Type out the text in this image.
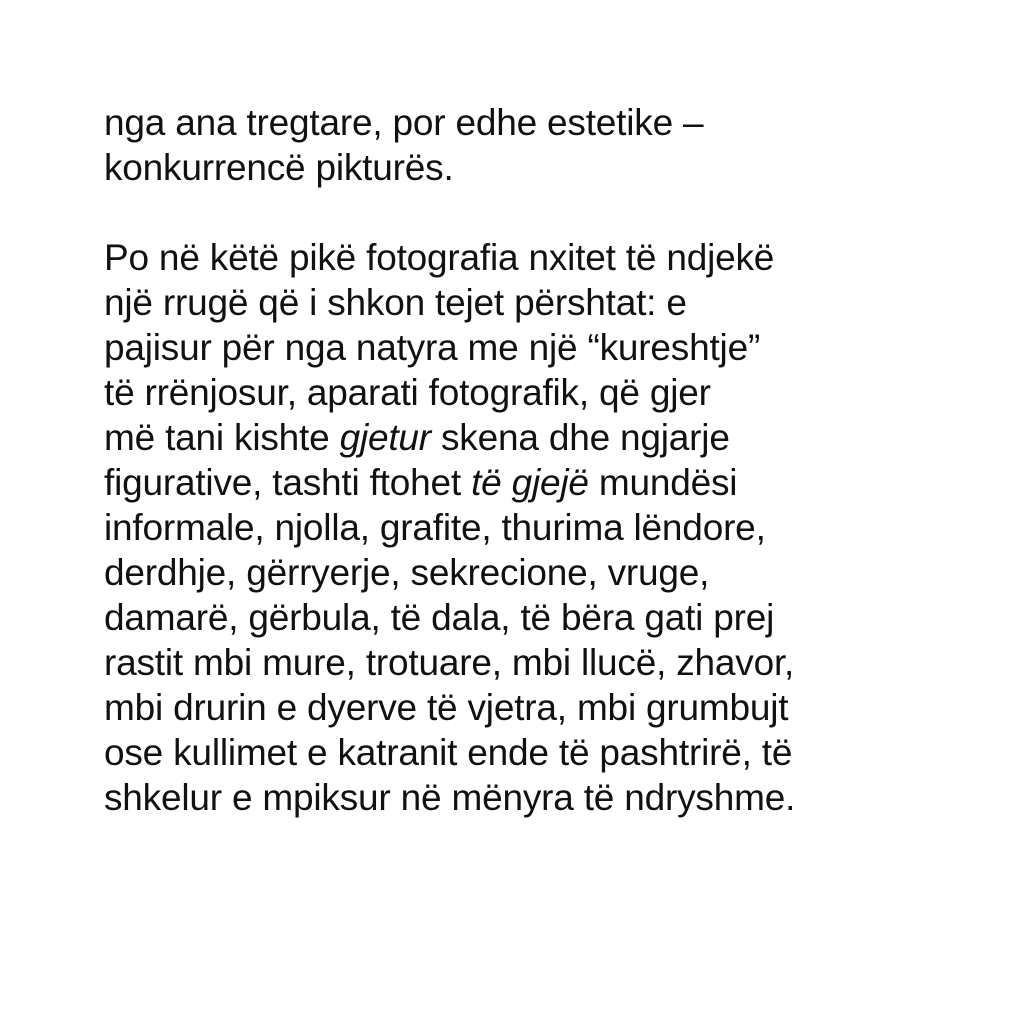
nga ana tregtare, por edhe estetike –
konkurrencë pikturës.
Po në këtë pikë fotografia nxitet të ndjekë
një rrugë që i shkon tejet përshtat: e
pajisur për nga natyra me një “kureshtje”
të rrënjosur, aparati fotografik, që gjer
më tani kishte gjetur skena dhe ngjarje
figurative, tashti ftohet të gjejë mundësi
informale, njolla, grafite, thurima lëndore,
derdhje, gërryerje, sekrecione, vruge,
damarë, gërbula, të dala, të bëra gati prej
rastit mbi mure, trotuare, mbi llucë, zhavor,
mbi drurin e dyerve të vjetra, mbi grumbujt
ose kullimet e katranit ende të pashtrirë, të
shkelur e mpiksur në mënyra të ndryshme.
